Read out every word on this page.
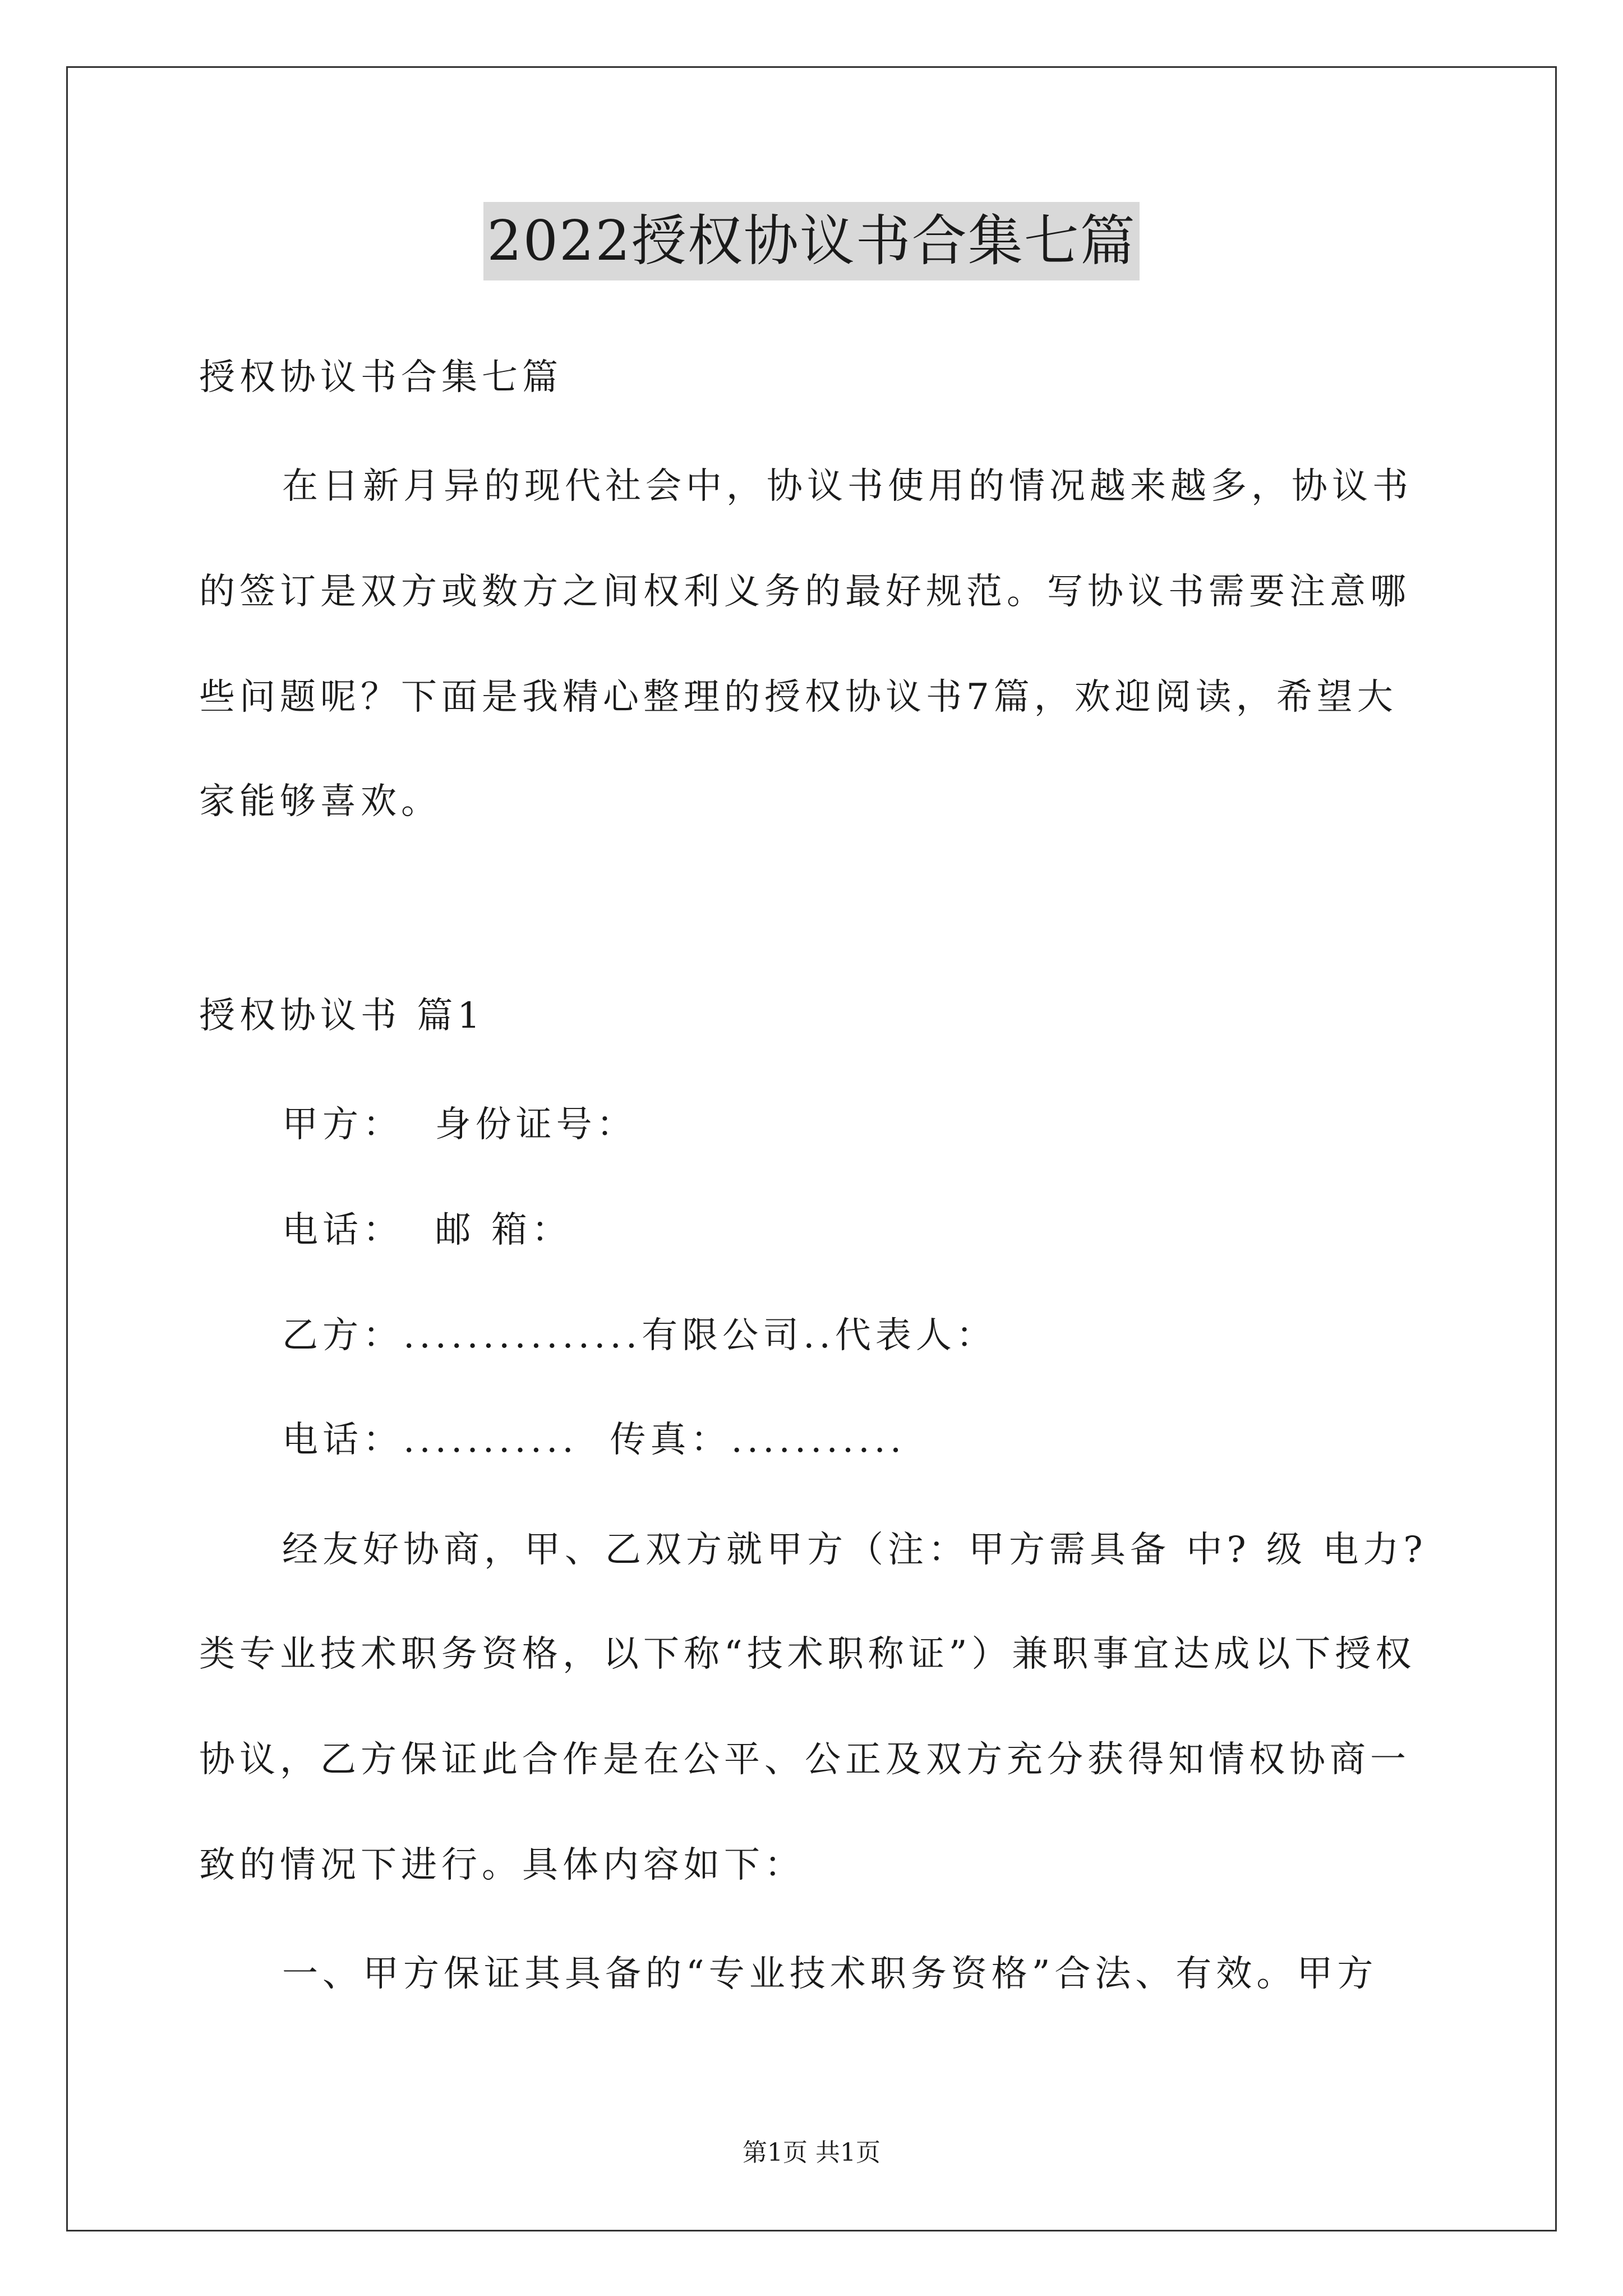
2022授权协议书合集七篇
授权协议书合集七篇
在日新月异的现代社会中，协议书使用的情况越来越多，协议书
的签订是双方或数方之间权利义务的最好规范。写协议书需要注意哪
些问题呢？下面是我精心整理的授权协议书7篇，欢迎阅读，希望大
家能够喜欢。
授权协议书 篇1
甲方：  身份证号：
电话：  邮 箱：
乙方：...............有限公司..代表人：
电话：...........  传真：...........
经友好协商，甲、乙双方就甲方（注：甲方需具备 中? 级 电力?
类专业技术职务资格，以下称“技术职称证”）兼职事宜达成以下授权
协议，乙方保证此合作是在公平、公正及双方充分获得知情权协商一
致的情况下进行。具体内容如下：
一、甲方保证其具备的“专业技术职务资格”合法、有效。甲方
第1页 共1页
